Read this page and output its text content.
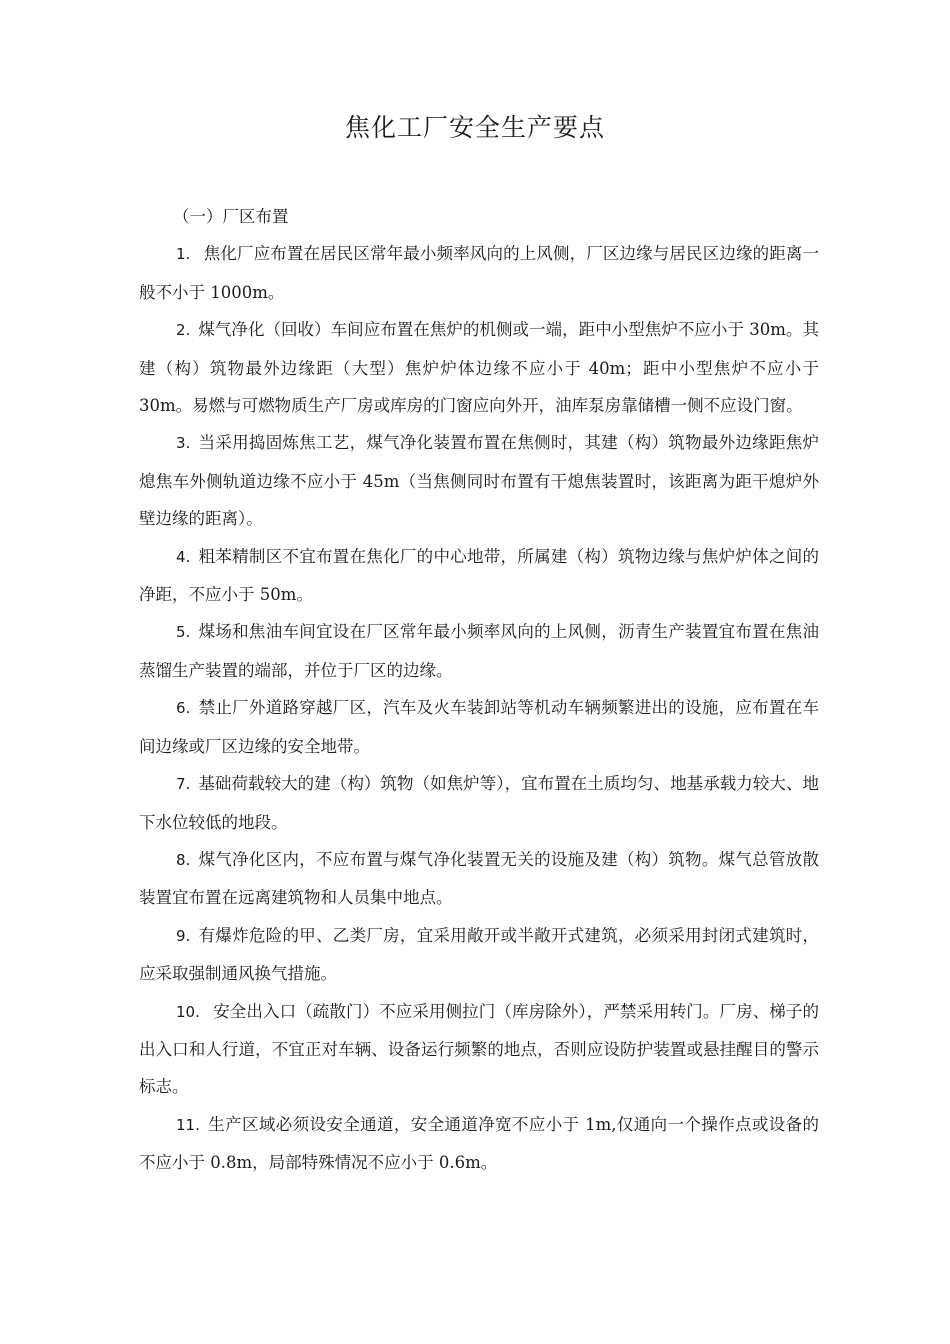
焦化工厂安全生产要点

（一）厂区布置

1. 焦化厂应布置在居民区常年最小频率风向的上风侧，厂区边缘与居民区边缘的距离一般不小于 1000m。

2. 煤气净化（回收）车间应布置在焦炉的机侧或一端，距中小型焦炉不应小于 30m。其建（构）筑物最外边缘距（大型）焦炉炉体边缘不应小于 40m；距中小型焦炉不应小于 30m。易燃与可燃物质生产厂房或库房的门窗应向外开，油库泵房靠储槽一侧不应设门窗。

3. 当采用捣固炼焦工艺，煤气净化装置布置在焦侧时，其建（构）筑物最外边缘距焦炉熄焦车外侧轨道边缘不应小于 45m（当焦侧同时布置有干熄焦装置时，该距离为距干熄炉外壁边缘的距离）。

4. 粗苯精制区不宜布置在焦化厂的中心地带，所属建（构）筑物边缘与焦炉炉体之间的净距，不应小于 50m。

5. 煤场和焦油车间宜设在厂区常年最小频率风向的上风侧，沥青生产装置宜布置在焦油蒸馏生产装置的端部，并位于厂区的边缘。

6. 禁止厂外道路穿越厂区，汽车及火车装卸站等机动车辆频繁进出的设施，应布置在车间边缘或厂区边缘的安全地带。

7. 基础荷载较大的建（构）筑物（如焦炉等），宜布置在土质均匀、地基承载力较大、地下水位较低的地段。

8. 煤气净化区内，不应布置与煤气净化装置无关的设施及建（构）筑物。煤气总管放散装置宜布置在远离建筑物和人员集中地点。

9. 有爆炸危险的甲、乙类厂房，宜采用敞开或半敞开式建筑，必须采用封闭式建筑时，应采取强制通风换气措施。

10. 安全出入口（疏散门）不应采用侧拉门（库房除外），严禁采用转门。厂房、梯子的出入口和人行道，不宜正对车辆、设备运行频繁的地点，否则应设防护装置或悬挂醒目的警示标志。

11. 生产区域必须设安全通道，安全通道净宽不应小于 1m,仅通向一个操作点或设备的不应小于 0.8m，局部特殊情况不应小于 0.6m。
